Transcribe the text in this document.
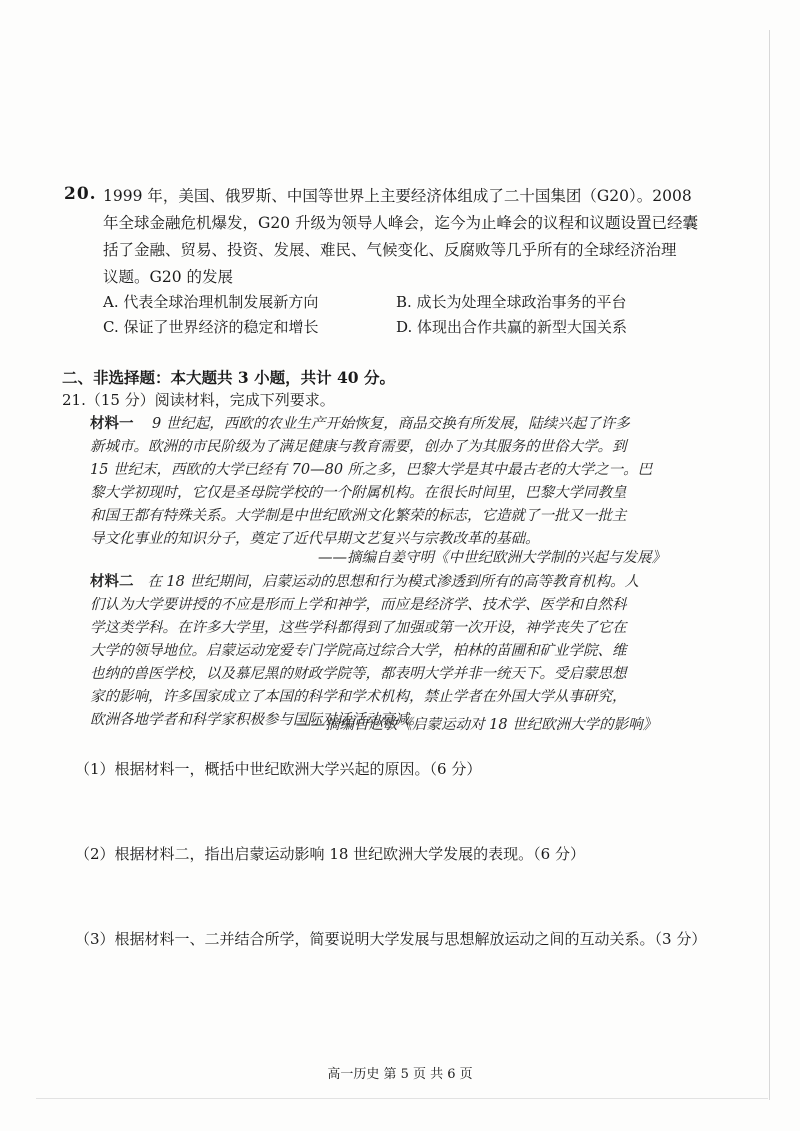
20. 1999 年，美国、俄罗斯、中国等世界上主要经济体组成了二十国集团（G20）。2008
年全球金融危机爆发，G20 升级为领导人峰会，迄今为止峰会的议程和议题设置已经囊
括了金融、贸易、投资、发展、难民、气候变化、反腐败等几乎所有的全球经济治理
议题。G20 的发展
A. 代表全球治理机制发展新方向	B. 成长为处理全球政治事务的平台
C. 保证了世界经济的稳定和增长	D. 体现出合作共赢的新型大国关系
二、非选择题：本大题共 3 小题，共计 40 分。
21.（15 分）阅读材料，完成下列要求。
材料一 9 世纪起，西欧的农业生产开始恢复，商品交换有所发展，陆续兴起了许多
新城市。欧洲的市民阶级为了满足健康与教育需要，创办了为其服务的世俗大学。到
15 世纪末，西欧的大学已经有 70—80 所之多，巴黎大学是其中最古老的大学之一。巴
黎大学初现时，它仅是圣母院学校的一个附属机构。在很长时间里，巴黎大学同教皇
和国王都有特殊关系。大学制是中世纪欧洲文化繁荣的标志，它造就了一批又一批主
导文化事业的知识分子，奠定了近代早期文艺复兴与宗教改革的基础。
——摘编自姜守明《中世纪欧洲大学制的兴起与发展》
材料二 在 18 世纪期间，启蒙运动的思想和行为模式渗透到所有的高等教育机构。人
们认为大学要讲授的不应是形而上学和神学，而应是经济学、技术学、医学和自然科
学这类学科。在许多大学里，这些学科都得到了加强或第一次开设，神学丧失了它在
大学的领导地位。启蒙运动宠爱专门学院高过综合大学，柏林的苗圃和矿业学院、维
也纳的兽医学校，以及慕尼黑的财政学院等，都表明大学并非一统天下。受启蒙思想
家的影响，许多国家成立了本国的科学和学术机构，禁止学者在外国大学从事研究，
欧洲各地学者和科学家积极参与国际对话活动衰减。
——摘编自赵敏《启蒙运动对 18 世纪欧洲大学的影响》
（1）根据材料一，概括中世纪欧洲大学兴起的原因。（6 分）
（2）根据材料二，指出启蒙运动影响 18 世纪欧洲大学发展的表现。（6 分）
（3）根据材料一、二并结合所学，简要说明大学发展与思想解放运动之间的互动关系。（3 分）
高一历史 第 5 页 共 6 页
